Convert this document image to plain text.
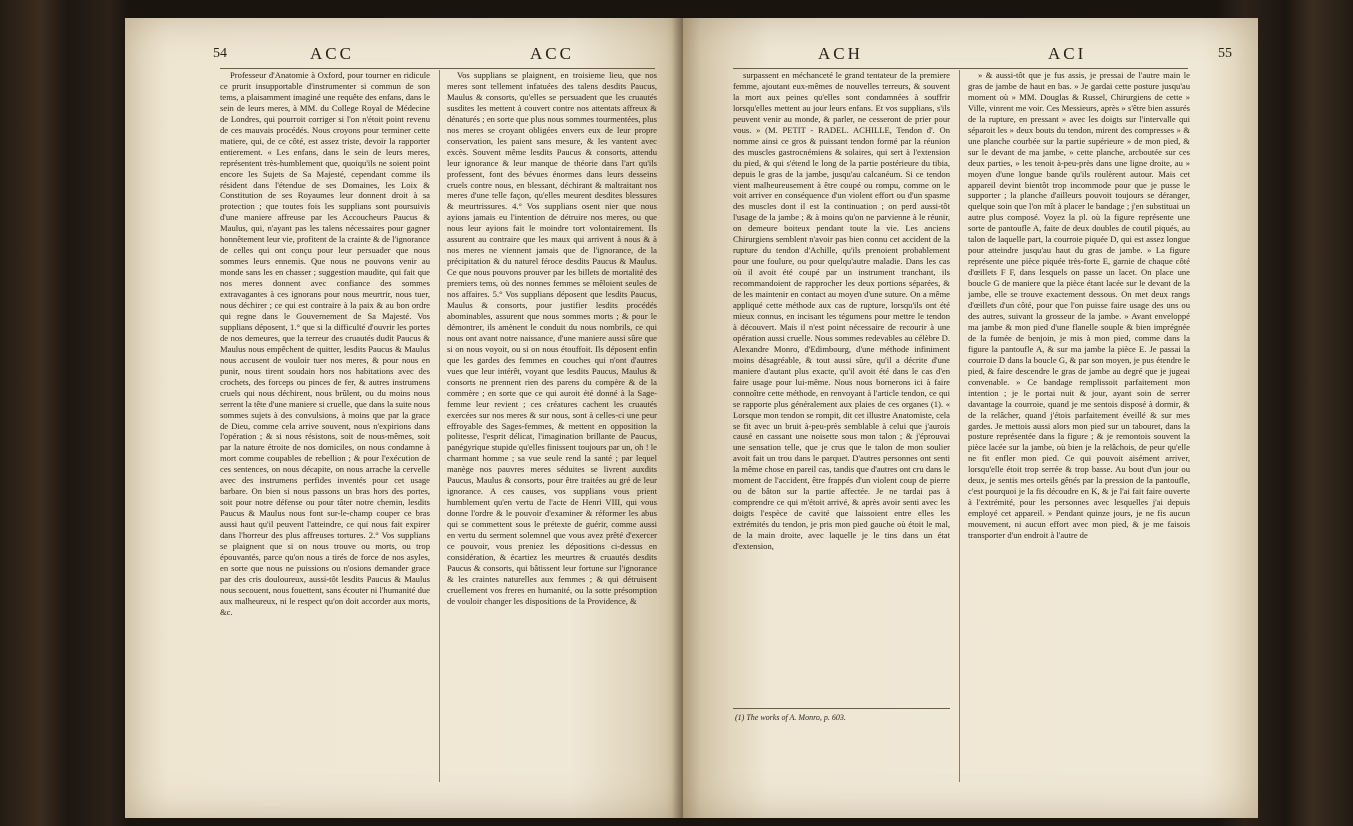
54	ACC	ACC

Professeur d'Anatomie à Oxford, pour tourner en ridicule ce prurit insupportable d'instrumenter si commun de son tems, a plaisamment imaginé une requête des enfans, dans le sein de leurs meres, à MM. du College Royal de Médecine de Londres, qui pourroit corriger si l'on n'étoit point revenu de ces mauvais procédés. Nous croyons pour terminer cette matiere, qui, de ce côté, est assez triste, devoir la rapporter entierement. « Les enfans, dans le sein de leurs meres, représentent très-humblement que, quoiqu'ils ne soient point encore les Sujets de Sa Majesté, cependant comme ils résident dans l'étendue de ses Domaines, les Loix & Constitution de ses Royaumes leur donnent droit à sa protection ; que toutes fois les supplians sont poursuivis d'une maniere affreuse par les Accoucheurs Paucus & Maulus, qui, n'ayant pas les talens nécessaires pour gagner honnêtement leur vie, profitent de la crainte & de l'ignorance de celles qui ont conçu pour leur persuader que nous sommes leurs ennemis. Que nous ne pouvons venir au monde sans les en chasser ; suggestion maudite, qui fait que nos meres donnent avec confiance des sommes extravagantes à ces ignorans pour nous meurtrir, nous tuer, nous déchirer ; ce qui est contraire à la paix & au bon ordre qui regne dans le Gouvernement de Sa Majesté. Vos supplians déposent, 1.° que si la difficulté d'ouvrir les portes de nos demeures, que la terreur des cruautés dudit Paucus & Maulus nous empêchent de quitter, lesdits Paucus & Maulus nous accusent de vouloir tuer nos meres, & pour nous en punir, nous tirent soudain hors nos habitations avec des crochets, des forceps ou pinces de fer, & autres instrumens cruels qui nous déchirent, nous brûlent, ou du moins nous serrent la tête d'une maniere si cruelle, que dans la suite nous sommes sujets à des convulsions, à moins que par la grace de Dieu, comme cela arrive souvent, nous n'expirions dans l'opération ; & si nous résistons, soit de nous-mêmes, soit par la nature étroite de nos domiciles, on nous condamne à mort comme coupables de rebellion ; & pour l'exécution de ces sentences, on nous décapite, on nous arrache la cervelle avec des instrumens perfides inventés pour cet usage barbare. On bien si nous passons un bras hors des portes, soit pour notre défense ou pour tâter notre chemin, lesdits Paucus & Maulus nous font sur-le-champ couper ce bras aussi haut qu'il peuvent l'atteindre, ce qui nous fait expirer dans l'horreur des plus affreuses tortures. 2.° Vos supplians se plaignent que si on nous trouve ou morts, ou trop épouvantés, parce qu'on nous a tirés de force de nos asyles, en sorte que nous ne puissions ou n'osions demander grace par des cris douloureux, aussi-tôt lesdits Paucus & Maulus nous secouent, nous fouettent, sans écouter ni l'humanité due aux malheureux, ni le respect qu'on doit accorder aux morts, &c.

Vos supplians se plaignent, en troisieme lieu, que nos meres sont tellement infatuées des talens desdits Paucus, Maulus & consorts, qu'elles se persuadent que les cruautés susdites les mettent à couvert contre nos attentats affreux & dénaturés ; en sorte que plus nous sommes tourmentées, plus nos meres se croyant obligées envers eux de leur propre conservation, les paient sans mesure, & les vantent avec excès. Souvent même lesdits Paucus & consorts, attendu leur ignorance & leur manque de théorie dans l'art qu'ils professent, font des bévues énormes dans leurs desseins cruels contre nous, en blessant, déchirant & maltraitant nos meres d'une telle façon, qu'elles meurent desdites blessures & meurtrissures. 4.° Vos supplians osent nier que nous ayions jamais eu l'intention de détruire nos meres, ou que nous leur ayions fait le moindre tort volontairement. Ils assurent au contraire que les maux qui arrivent à nous & à nos meres ne viennent jamais que de l'ignorance, de la précipitation & du naturel féroce desdits Paucus & Maulus. Ce que nous pouvons prouver par les billets de mortalité des premiers tems, où des nonnes femmes se mêloient seules de nos affaires. 5.° Vos supplians déposent que lesdits Paucus, Maulus & consorts, pour justifier lesdits procédés abominables, assurent que nous sommes morts ; & pour le démontrer, ils amènent le conduit du nous nombrils, ce qui nous ont avant notre naissance, d'une maniere aussi sûre que si on nous voyoit, ou si on nous étouffoit. Ils déposent enfin que les gardes des femmes en couches qui n'ont d'autres vues que leur intérêt, voyant que lesdits Paucus, Maulus & consorts ne prennent rien des parens du compère & de la commère ; en sorte que ce qui auroit été donné à la Sage-femme leur revient ; ces créatures cachent les cruautés exercées sur nos meres & sur nous, sont à celles-ci une peur effroyable des Sages-femmes, & mettent en opposition la politesse, l'esprit délicat, l'imagination brillante de Paucus, panégyrique stupide qu'elles finissent toujours par un, oh ! le charmant homme ; sa vue seule rend la santé ; par lequel manège nos pauvres meres séduites se livrent auxdits Paucus, Maulus & consorts, pour être traitées au gré de leur ignorance. A ces causes, vos supplians vous prient humblement qu'en vertu de l'acte de Henri VIII, qui vous donne l'ordre & le pouvoir d'examiner & réformer les abus qui se commettent sous le prétexte de guérir, comme aussi en vertu du serment solemnel que vous avez prêté d'exercer ce pouvoir, vous preniez les dépositions ci-dessus en considération, & écartiez les meurtres & cruautés desdits Paucus & consorts, qui bâtissent leur fortune sur l'ignorance & les craintes naturelles aux femmes ; & qui détruisent cruellement vos freres en humanité, ou la sotte présomption de vouloir changer les dispositions de la Providence, &

ACH	ACI	55

surpassent en méchanceté le grand tentateur de la premiere femme, ajoutant eux-mêmes de nouvelles terreurs, & souvent la mort aux peines qu'elles sont condamnées à souffrir lorsqu'elles mettent au jour leurs enfans. Et vos supplians, s'ils peuvent venir au monde, & parler, ne cesseront de prier pour vous. » (M. PETIT - RADEL. ACHILLE, Tendon d'. On nomme ainsi ce gros & puissant tendon formé par la réunion des muscles gastrocnémiens & solaires, qui sert à l'extension du pied, & qui s'étend le long de la partie postérieure du tibia, depuis le gras de la jambe, jusqu'au calcanéum. Si ce tendon vient malheureusement à être coupé ou rompu, comme on le voit arriver en conséquence d'un violent effort ou d'un spasme des muscles dont il est la continuation ; on perd aussi-tôt l'usage de la jambe ; & à moins qu'on ne parvienne à le réunir, on demeure boiteux pendant toute la vie. Les anciens Chirurgiens semblent n'avoir pas bien connu cet accident de la rupture du tendon d'Achille, qu'ils prenoient probablement pour une foulure, ou pour quelqu'autre maladie. Dans les cas où il avoit été coupé par un instrument tranchant, ils recommandoient de rapprocher les deux portions séparées, & de les maintenir en contact au moyen d'une suture. On a même appliqué cette méthode aux cas de rupture, lorsqu'ils ont été mieux connus, en incisant les tégumens pour mettre le tendon à découvert. Mais il n'est point nécessaire de recourir à une opération aussi cruelle. Nous sommes redevables au célèbre D. Alexandre Monro, d'Edimbourg, d'une méthode infiniment moins désagréable, & tout aussi sûre, qu'il a décrite d'une maniere d'autant plus exacte, qu'il avoit été dans le cas d'en faire usage pour lui-même. Nous nous bornerons ici à faire connoître cette méthode, en renvoyant à l'article tendon, ce qui se rapporte plus généralement aux plaies de ces organes (1). « Lorsque mon tendon se rompit, dit cet illustre Anatomiste, cela se fit avec un bruit à-peu-près semblable à celui que j'aurois causé en cassant une noisette sous mon talon ; & j'éprouvai une sensation telle, que je crus que le talon de mon soulier avoit fait un trou dans le parquet. D'autres personnes ont senti la même chose en pareil cas, tandis que d'autres ont cru dans le moment de l'accident, être frappés d'un violent coup de pierre ou de bâton sur la partie affectée. Je ne tardai pas à comprendre ce qui m'étoit arrivé, & après avoir senti avec les doigts l'espèce de cavité que laissoient entre elles les extrémités du tendon, je pris mon pied gauche où étoit le mal, de la main droite, avec laquelle je le tins dans un état d'extension,

(1) The works of A. Monro, p. 603.

» & aussi-tôt que je fus assis, je pressai de l'autre main le gras de jambe de haut en bas. » Je gardai cette posture jusqu'au moment où » MM. Douglas & Russel, Chirurgiens de cette » Ville, vinrent me voir. Ces Messieurs, après » s'être bien assurés de la rupture, en pressant » avec les doigts sur l'intervalle qui séparoit les » deux bouts du tendon, mirent des compresses » & une planche courbée sur la partie supérieure » de mon pied, & sur le devant de ma jambe, » cette planche, arcboutée sur ces deux parties, » les tenoit à-peu-près dans une ligne droite, au » moyen d'une longue bande qu'ils roulèrent autour. Mais cet appareil devint bientôt trop incommode pour que je pusse le supporter ; la planche d'ailleurs pouvoit toujours se déranger, quelque soin que l'on mît à placer le bandage ; j'en substituai un autre plus composé. Voyez la pl. où la figure représente une sorte de pantoufle A, faite de deux doubles de coutil piqués, au talon de laquelle part, la courroie piquée D, qui est assez longue pour atteindre jusqu'au haut du gras de jambe. » La figure représente une pièce piquée très-forte E, garnie de chaque côté d'œillets F F, dans lesquels on passe un lacet. On place une boucle G de maniere que la pièce étant lacée sur le devant de la jambe, elle se trouve exactement dessous. On met deux rangs d'œillets d'un côté, pour que l'on puisse faire usage des uns ou des autres, suivant la grosseur de la jambe. » Avant enveloppé ma jambe & mon pied d'une flanelle souple & bien imprégnée de la fumée de benjoin, je mis à mon pied, comme dans la figure la pantoufle A, & sur ma jambe la pièce E. Je passai la courroie D dans la boucle G, & par son moyen, je pus étendre le pied, & faire descendre le gras de jambe au degré que je jugeai convenable. » Ce bandage remplissoit parfaitement mon intention ; je le portai nuit & jour, ayant soin de serrer davantage la courroie, quand je me sentois disposé à dormir, & de la relâcher, quand j'étois parfaitement éveillé & sur mes gardes. Je mettois aussi alors mon pied sur un tabouret, dans la posture représentée dans la figure ; & je remontois souvent la pièce lacée sur la jambe, où bien je la relâchois, de peur qu'elle ne fit enfler mon pied. Ce qui pouvoit aisément arriver, lorsqu'elle étoit trop serrée & trop basse. Au bout d'un jour ou deux, je sentis mes orteils gênés par la pression de la pantoufle, c'est pourquoi je la fis découdre en K, & je l'ai fait faire ouverte à l'extrémité, pour les personnes avec lesquelles j'ai depuis employé cet appareil. » Pendant quinze jours, je ne fis aucun mouvement, ni aucun effort avec mon pied, & je me faisois transporter d'un endroit à l'autre de
